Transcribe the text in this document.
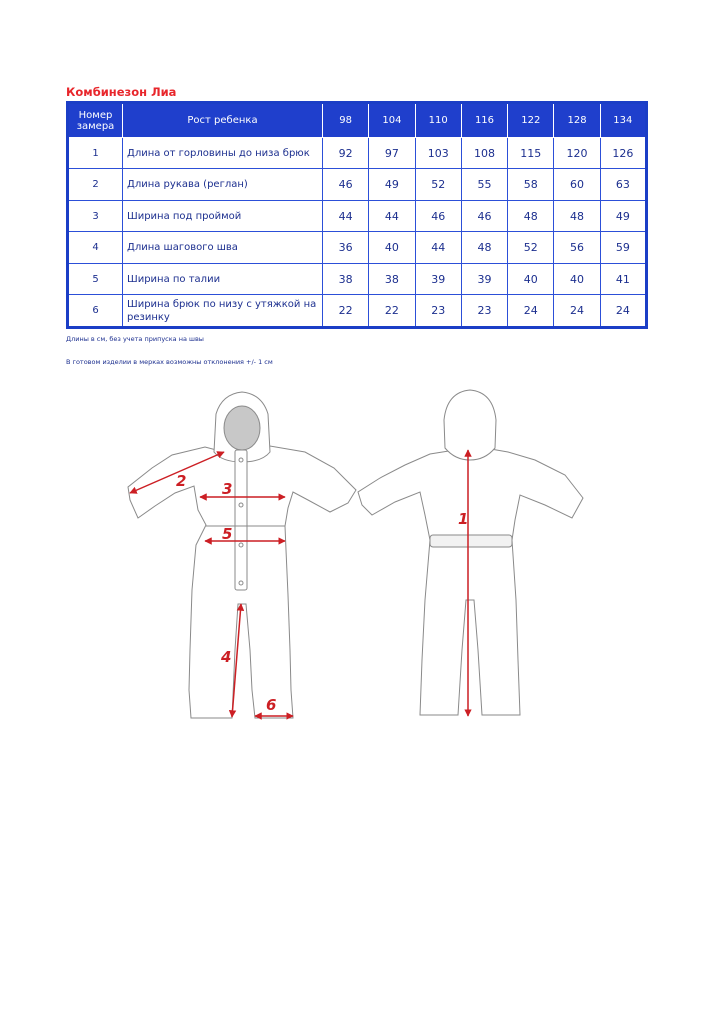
Комбинезон Лиа
Номер
замера	Рост ребенка	98	104	110	116	122	128	134
1	Длина от горловины до низа брюк	92	97	103	108	115	120	126
2	Длина рукава (реглан)	46	49	52	55	58	60	63
3	Ширина под проймой	44	44	46	46	48	48	49
4	Длина шагового шва	36	40	44	48	52	56	59
5	Ширина по талии	38	38	39	39	40	40	41
6	Ширина брюк по низу с утяжкой на резинку	22	22	23	23	24	24	24
Длины в см, без учета припуска на швы
В готовом изделии в мерках возможны отклонения +/- 1 см
2 3
5
4
6
1
